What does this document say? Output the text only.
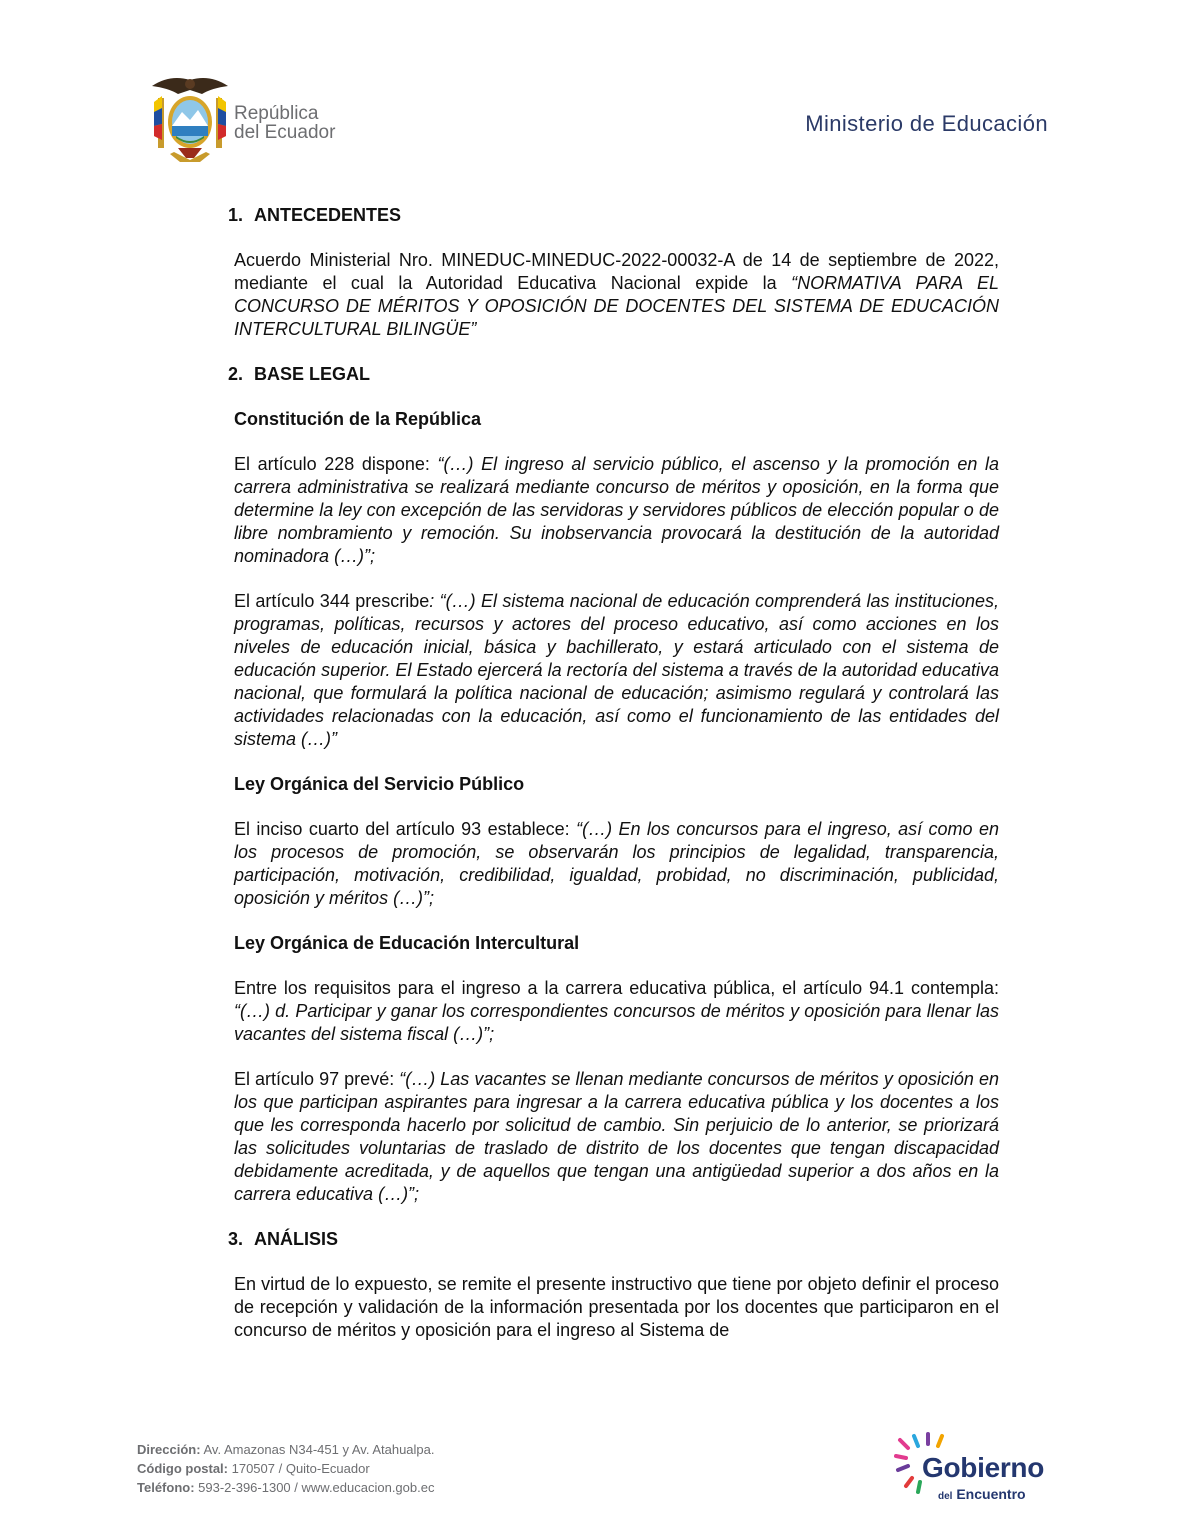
República
del Ecuador	Ministerio de Educación
1. ANTECEDENTES

Acuerdo Ministerial Nro. MINEDUC-MINEDUC-2022-00032-A de 14 de septiembre de 2022, mediante el cual la Autoridad Educativa Nacional expide la “NORMATIVA PARA EL CONCURSO DE MÉRITOS Y OPOSICIÓN DE DOCENTES DEL SISTEMA DE EDUCACIÓN INTERCULTURAL BILINGÜE”

2. BASE LEGAL
Constitución de la República

El artículo 228 dispone: “(…) El ingreso al servicio público, el ascenso y la promoción en la carrera administrativa se realizará mediante concurso de méritos y oposición, en la forma que determine la ley con excepción de las servidoras y servidores públicos de elección popular o de libre nombramiento y remoción. Su inobservancia provocará la destitución de la autoridad nominadora (…)”;

El artículo 344 prescribe: “(…) El sistema nacional de educación comprenderá las instituciones, programas, políticas, recursos y actores del proceso educativo, así como acciones en los niveles de educación inicial, básica y bachillerato, y estará articulado con el sistema de educación superior. El Estado ejercerá la rectoría del sistema a través de la autoridad educativa nacional, que formulará la política nacional de educación; asimismo regulará y controlará las actividades relacionadas con la educación, así como el funcionamiento de las entidades del sistema (…)”

Ley Orgánica del Servicio Público

El inciso cuarto del artículo 93 establece: “(…) En los concursos para el ingreso, así como en los procesos de promoción, se observarán los principios de legalidad, transparencia, participación, motivación, credibilidad, igualdad, probidad, no discriminación, publicidad, oposición y méritos (…)”;

Ley Orgánica de Educación Intercultural

Entre los requisitos para el ingreso a la carrera educativa pública, el artículo 94.1 contempla: “(…) d. Participar y ganar los correspondientes concursos de méritos y oposición para llenar las vacantes del sistema fiscal (…)”;

El artículo 97 prevé: “(…) Las vacantes se llenan mediante concursos de méritos y oposición en los que participan aspirantes para ingresar a la carrera educativa pública y los docentes a los que les corresponda hacerlo por solicitud de cambio. Sin perjuicio de lo anterior, se priorizará las solicitudes voluntarias de traslado de distrito de los docentes que tengan discapacidad debidamente acreditada, y de aquellos que tengan una antigüedad superior a dos años en la carrera educativa (…)”;

3. ANÁLISIS

En virtud de lo expuesto, se remite el presente instructivo que tiene por objeto definir el proceso de recepción y validación de la información presentada por los docentes que participaron en el concurso de méritos y oposición para el ingreso al Sistema de

Dirección: Av. Amazonas N34-451 y Av. Atahualpa.
Código postal: 170507 / Quito-Ecuador
Teléfono: 593-2-396-1300 / www.educacion.gob.ec
Gobierno
del Encuentro
